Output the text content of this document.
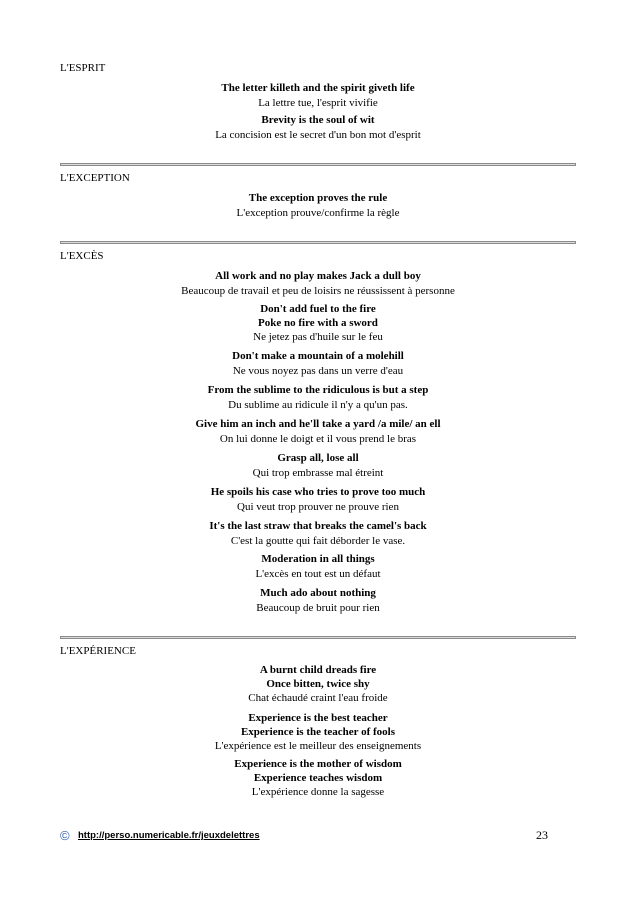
L'ESPRIT

The letter killeth and the spirit giveth life
La lettre tue, l'esprit vivifie
Brevity is the soul of wit
La concision est le secret d'un bon mot d'esprit

L'EXCEPTION

The exception proves the rule
L'exception prouve/confirme la règle

L'EXCÈS

All work and no play makes Jack a dull boy
Beaucoup de travail et peu de loisirs ne réussissent à personne
Don't add fuel to the fire
Poke no fire with a sword
Ne jetez pas d'huile sur le feu
Don't make a mountain of a molehill
Ne vous noyez pas dans un verre d'eau
From the sublime to the ridiculous is but a step
Du sublime au ridicule il n'y a qu'un pas.
Give him an inch and he'll take a yard /a mile/ an ell
On lui donne le doigt et il vous prend le bras
Grasp all, lose all
Qui trop embrasse mal étreint
He spoils his case who tries to prove too much
Qui veut trop prouver ne prouve rien
It's the last straw that breaks the camel's back
C'est la goutte qui fait déborder le vase.
Moderation in all things
L'excès en tout est un défaut
Much ado about nothing
Beaucoup de bruit pour rien

L'EXPÉRIENCE

A burnt child dreads fire
Once bitten, twice shy
Chat échaudé craint l'eau froide
Experience is the best teacher
Experience is the teacher of fools
L'expérience est le meilleur des enseignements
Experience is the mother of wisdom
Experience teaches wisdom
L'expérience donne la sagesse
© http://perso.numericable.fr/jeuxdelettres	23
